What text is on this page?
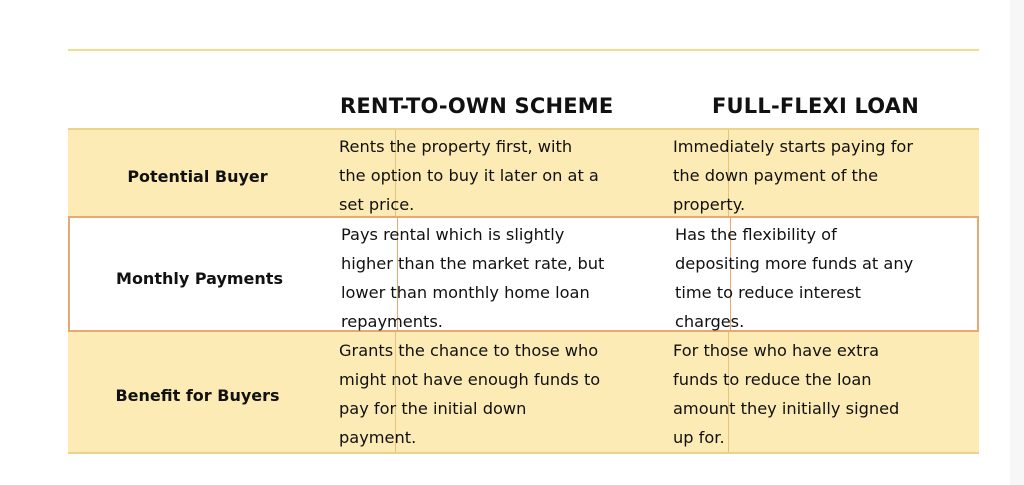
RENT-TO-OWN SCHEME	FULL-FLEXI LOAN
Potential Buyer
Rents the property first, with
the option to buy it later on at a
set price.
Immediately starts paying for
the down payment of the
property.
Monthly Payments
Pays rental which is slightly
higher than the market rate, but
lower than monthly home loan
repayments.
Has the flexibility of
depositing more funds at any
time to reduce interest
charges.
Benefit for Buyers
Grants the chance to those who
might not have enough funds to
pay for the initial down
payment.
For those who have extra
funds to reduce the loan
amount they initially signed
up for.
